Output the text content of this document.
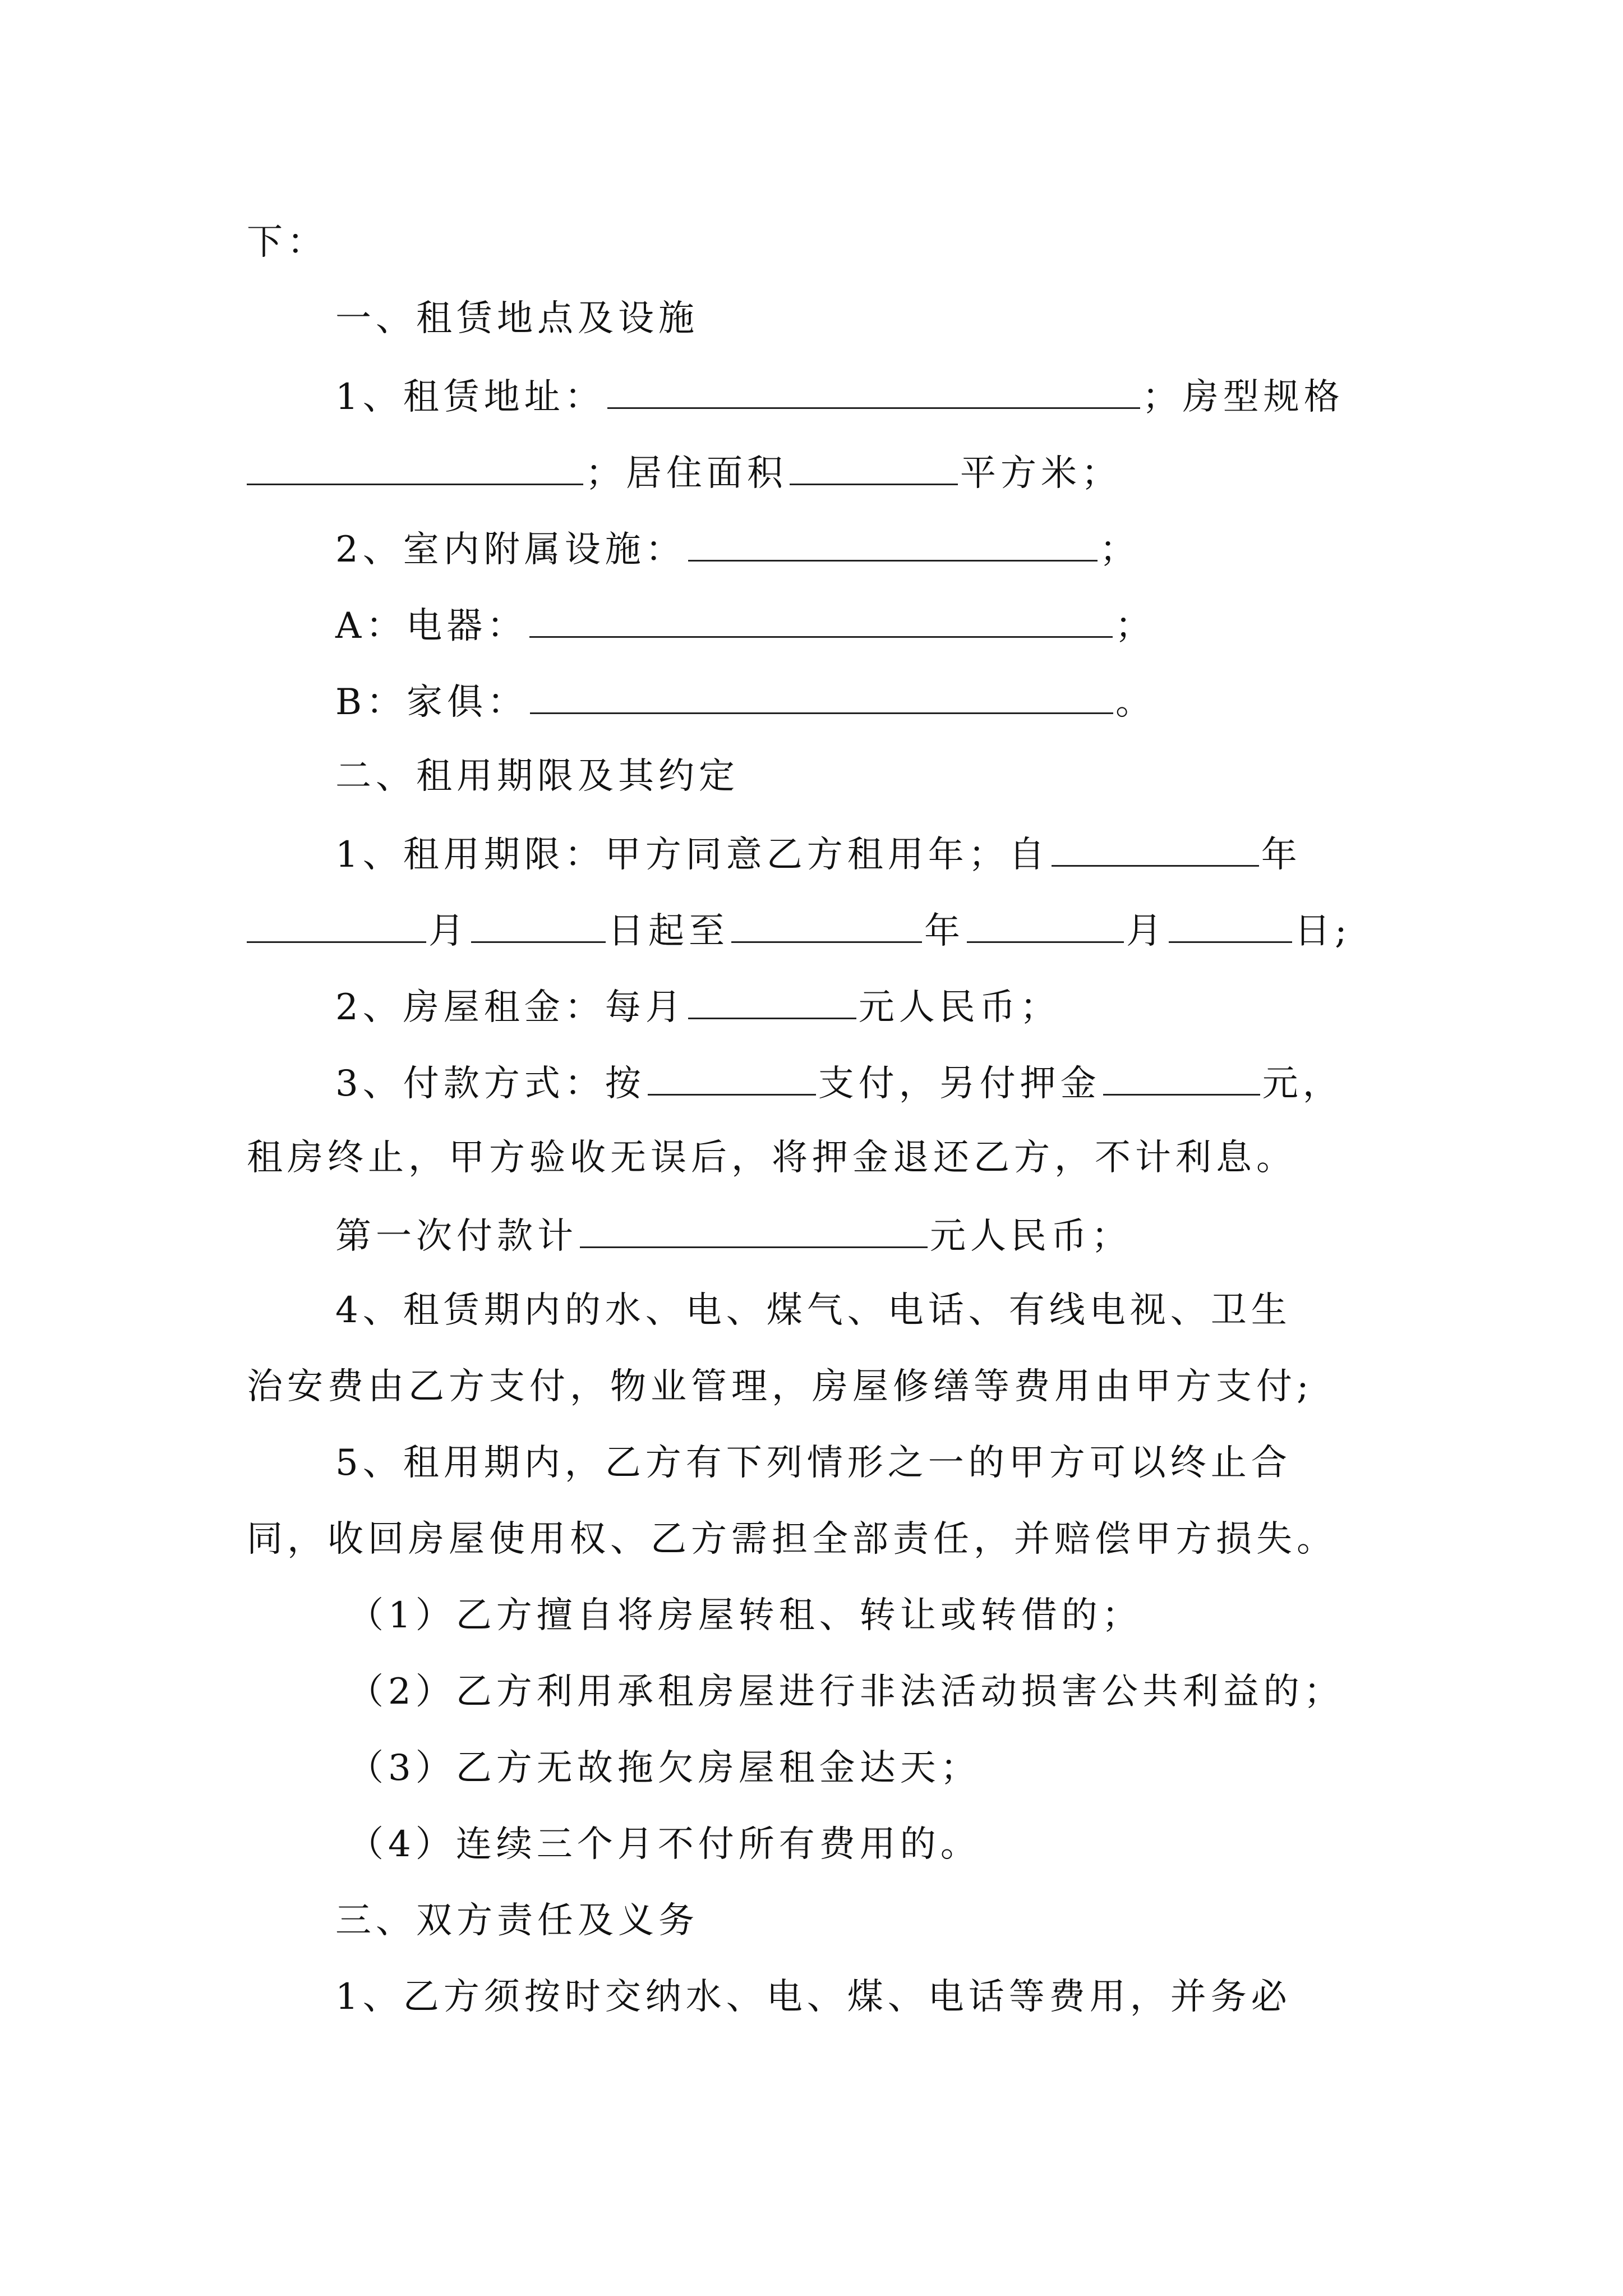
下：
一、租赁地点及设施
1、租赁地址：	；房型规格
；居住面积	平方米；
2、室内附属设施：	；
A：电器：	；
B：家俱：	。
二、租用期限及其约定
1、租用期限：甲方同意乙方租用年；自	年
月	日起至	年	月	日;
2、房屋租金：每月	元人民币；
3、付款方式：按	支付，另付押金	元，
租房终止，甲方验收无误后，将押金退还乙方，不计利息。
第一次付款计	元人民币；
4、租赁期内的水、电、煤气、电话、有线电视、卫生
治安费由乙方支付，物业管理，房屋修缮等费用由甲方支付;
5、租用期内，乙方有下列情形之一的甲方可以终止合
同，收回房屋使用权、乙方需担全部责任，并赔偿甲方损失。
（1）乙方擅自将房屋转租、转让或转借的；
（2）乙方利用承租房屋进行非法活动损害公共利益的；
（3）乙方无故拖欠房屋租金达天；
（4）连续三个月不付所有费用的。
三、双方责任及义务
1、乙方须按时交纳水、电、煤、电话等费用，并务必
